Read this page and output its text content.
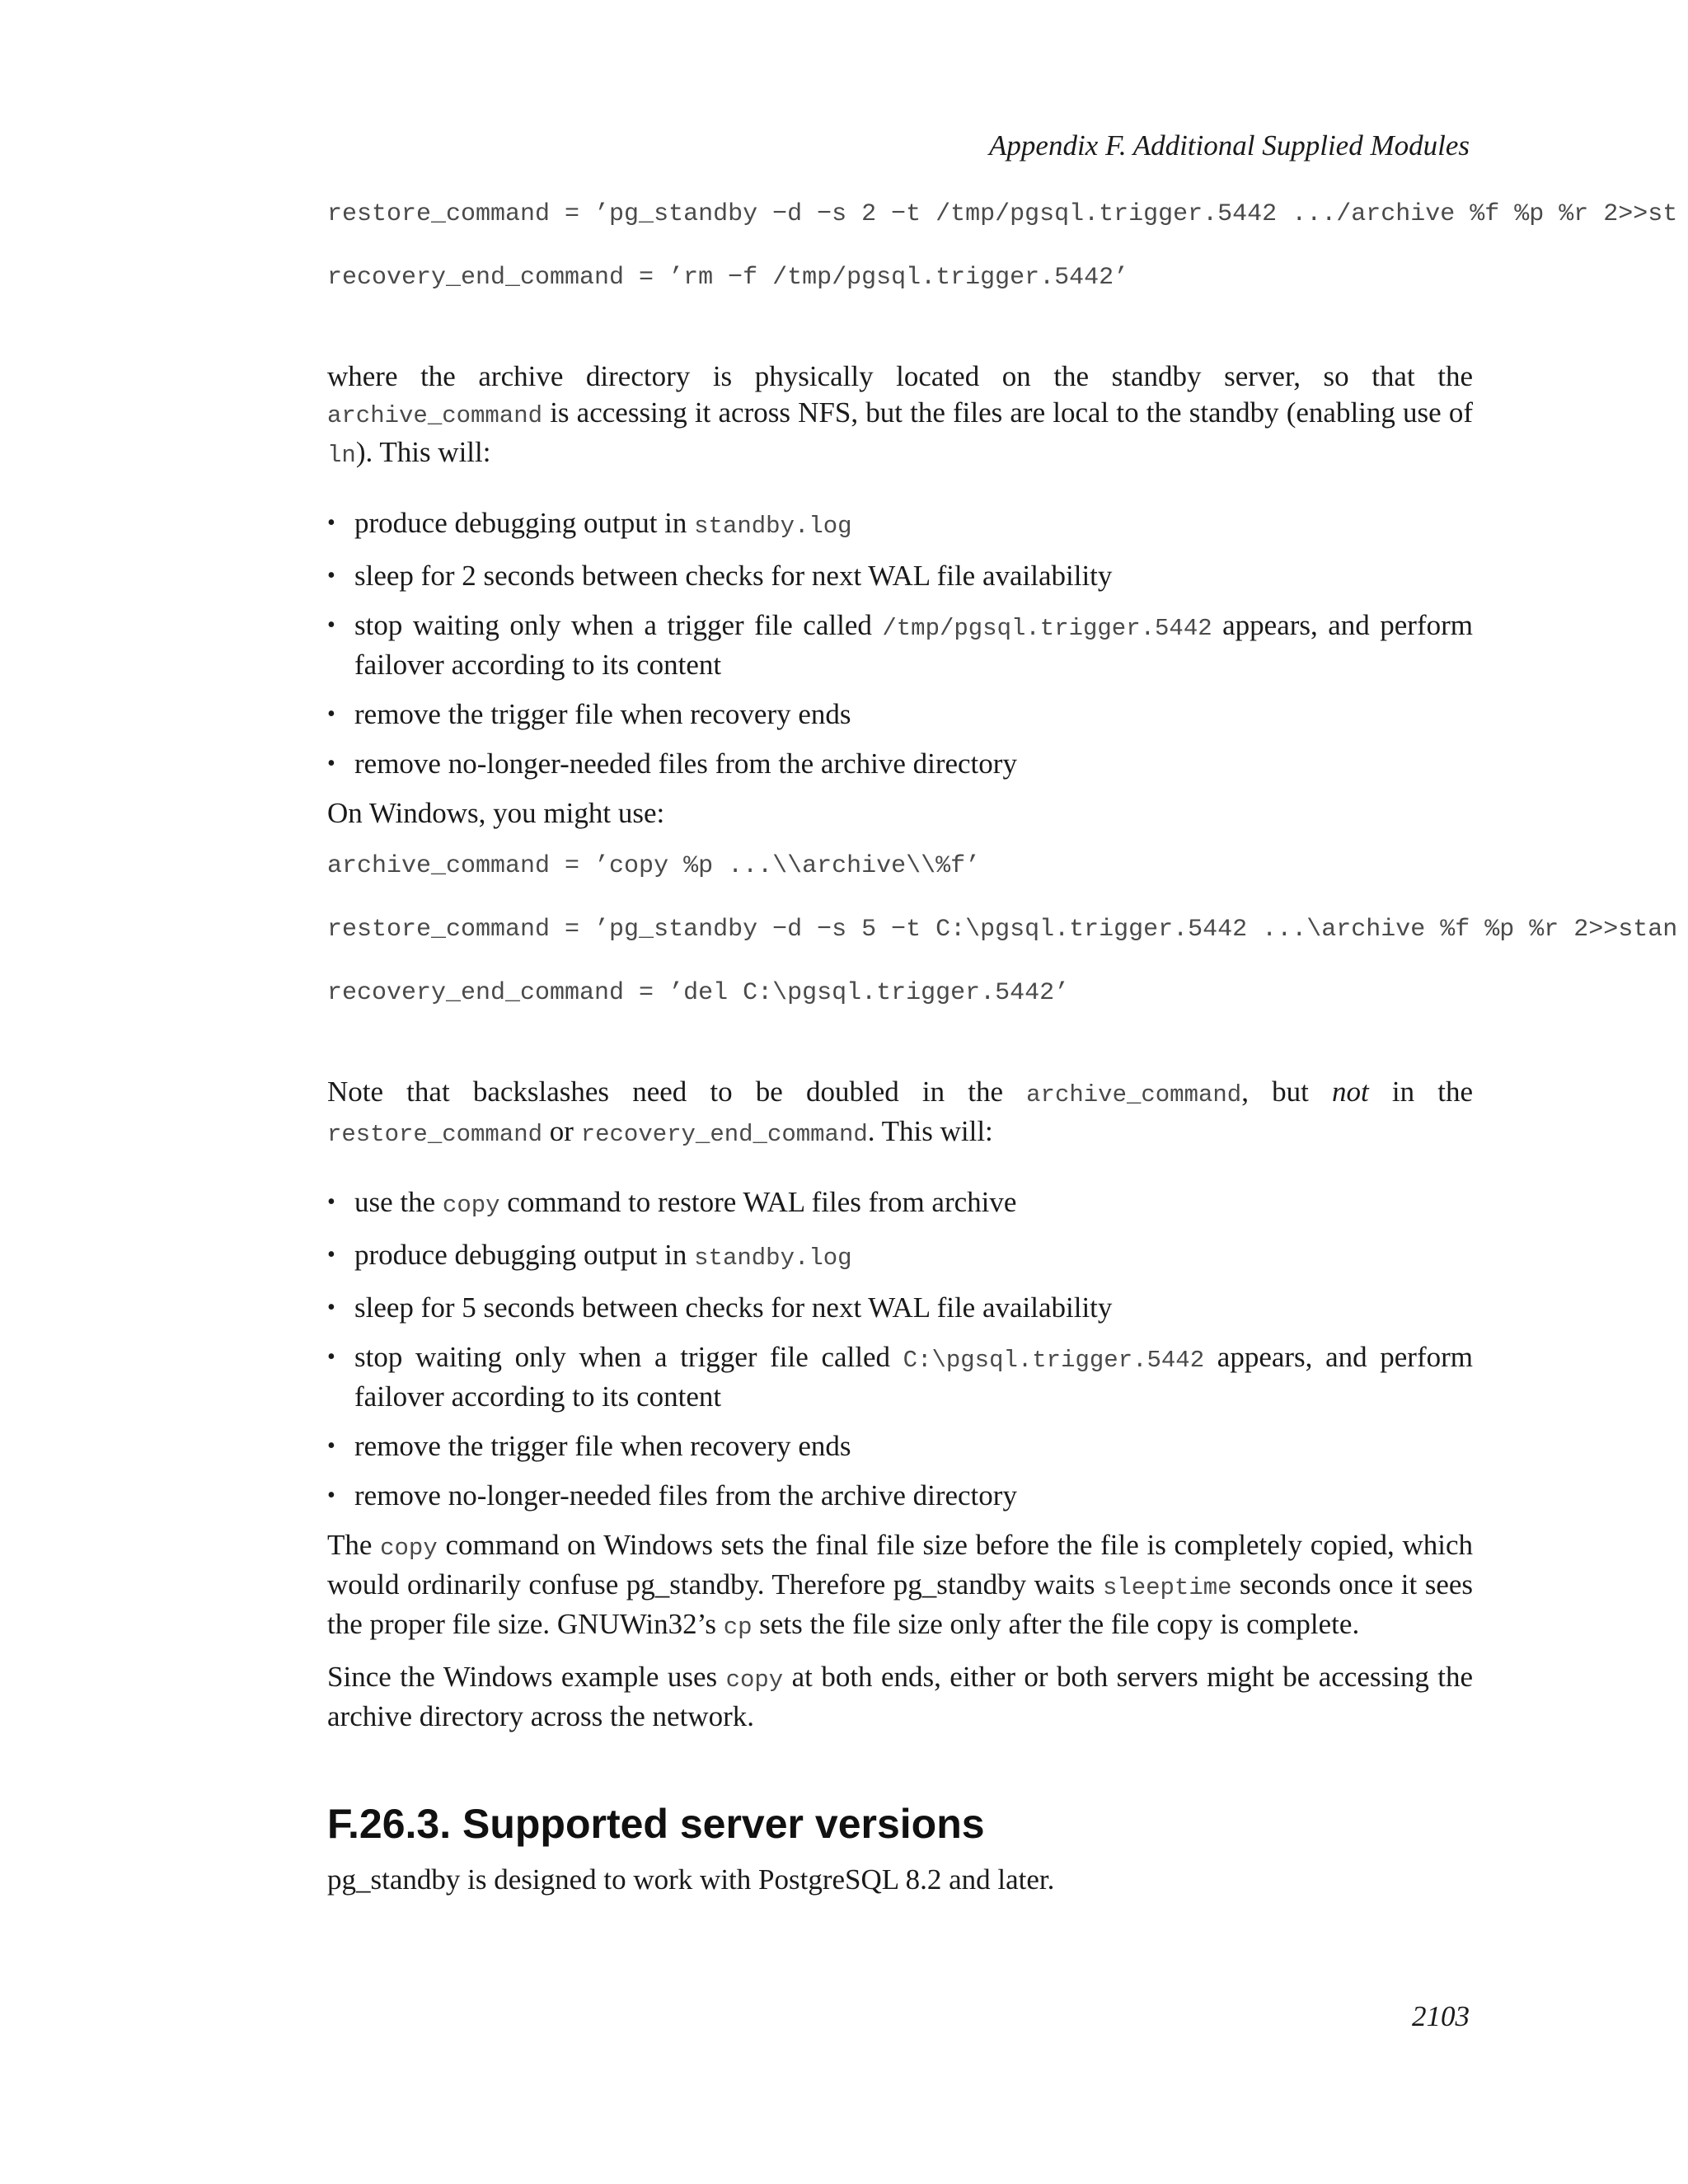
Appendix F. Additional Supplied Modules
restore_command = ’pg_standby −d −s 2 −t /tmp/pgsql.trigger.5442 .../archive %f %p %r 2>>st
recovery_end_command = ’rm −f /tmp/pgsql.trigger.5442’

where the archive directory is physically located on the standby server, so that the archive_command is accessing it across NFS, but the files are local to the standby (enabling use of ln). This will:

• produce debugging output in standby.log
• sleep for 2 seconds between checks for next WAL file availability
• stop waiting only when a trigger file called /tmp/pgsql.trigger.5442 appears, and perform failover according to its content
• remove the trigger file when recovery ends
• remove no-longer-needed files from the archive directory

On Windows, you might use:

archive_command = ’copy %p ...\\archive\\%f’
restore_command = ’pg_standby −d −s 5 −t C:\pgsql.trigger.5442 ...\archive %f %p %r 2>>stan
recovery_end_command = ’del C:\pgsql.trigger.5442’

Note that backslashes need to be doubled in the archive_command, but not in the restore_command or recovery_end_command. This will:

• use the copy command to restore WAL files from archive
• produce debugging output in standby.log
• sleep for 5 seconds between checks for next WAL file availability
• stop waiting only when a trigger file called C:\pgsql.trigger.5442 appears, and perform failover according to its content
• remove the trigger file when recovery ends
• remove no-longer-needed files from the archive directory

The copy command on Windows sets the final file size before the file is completely copied, which would ordinarily confuse pg_standby. Therefore pg_standby waits sleeptime seconds once it sees the proper file size. GNUWin32’s cp sets the file size only after the file copy is complete.

Since the Windows example uses copy at both ends, either or both servers might be accessing the archive directory across the network.

F.26.3. Supported server versions

pg_standby is designed to work with PostgreSQL 8.2 and later.

2103
